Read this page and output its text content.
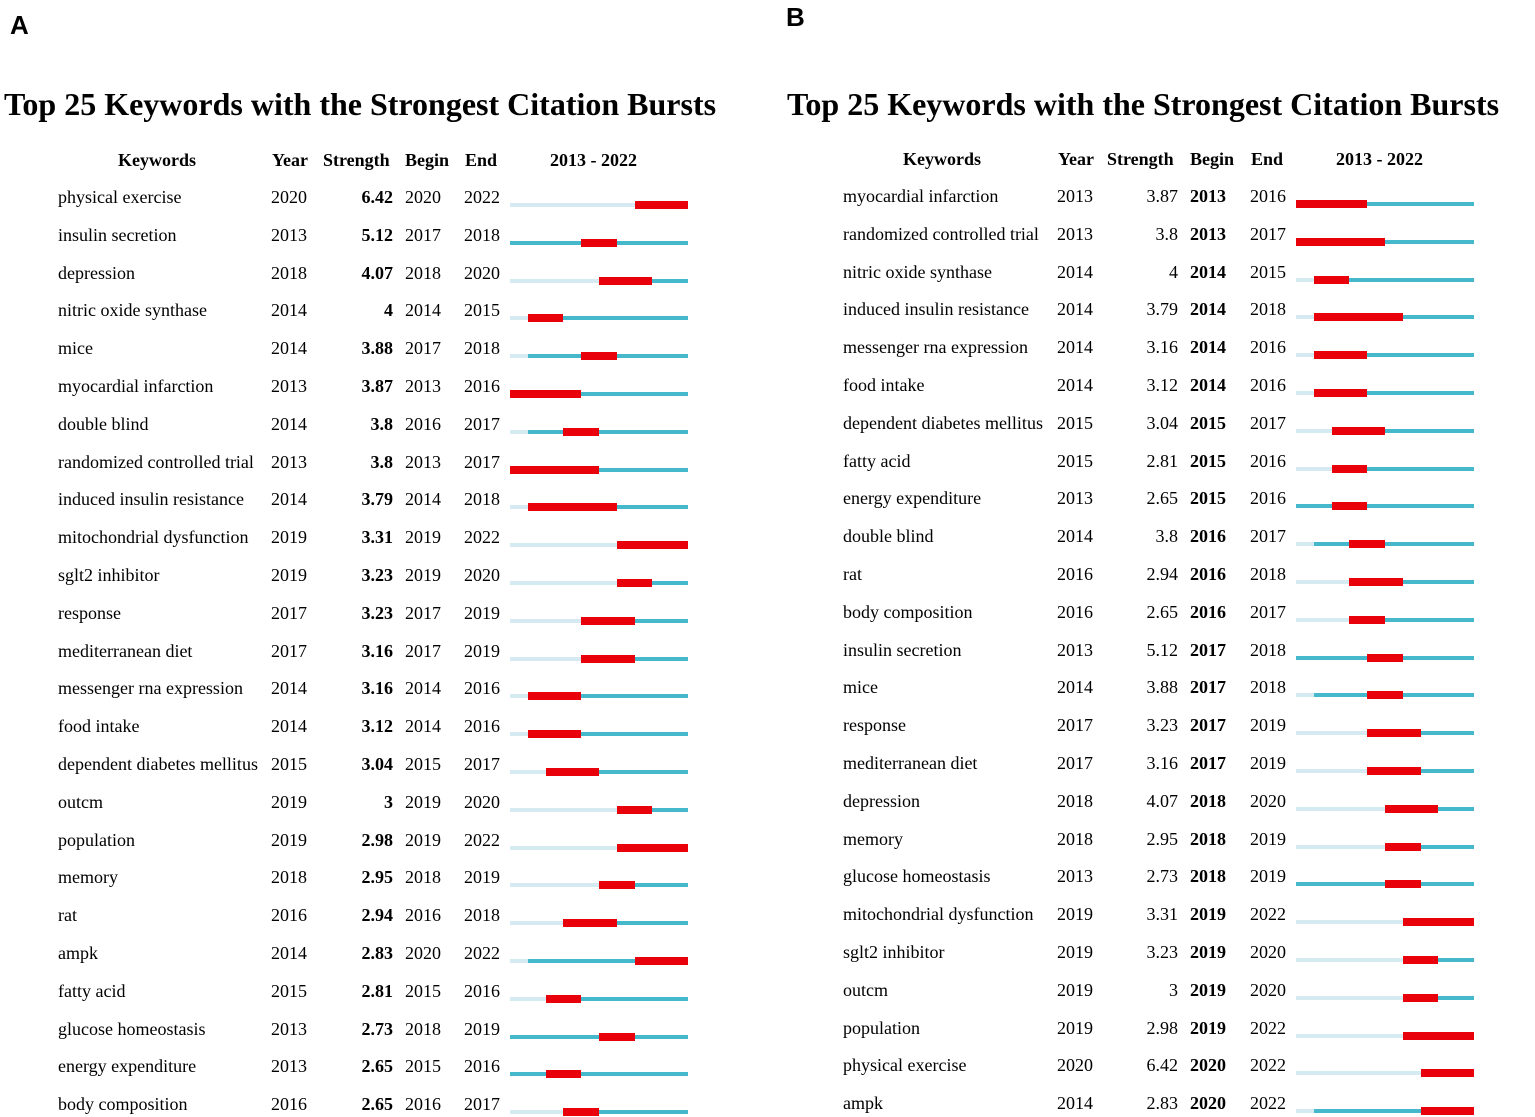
A
Top 25 Keywords with the Strongest Citation Bursts
Keywords	Year Strength Begin End	2013 - 2022
physical exercise	2020	6.42 2020 2022
insulin secretion	2013	5.12 2017 2018
depression	2018	4.07 2018 2020
nitric oxide synthase	2014	4 2014 2015
mice	2014	3.88 2017 2018
myocardial infarction	2013	3.87 2013 2016
double blind	2014	3.8 2016 2017
randomized controlled trial 2013	3.8 2013 2017
induced insulin resistance 2014	3.79 2014 2018
mitochondrial dysfunction 2019	3.31 2019 2022
sglt2 inhibitor	2019	3.23 2019 2020
response	2017	3.23 2017 2019
mediterranean diet	2017	3.16 2017 2019
messenger rna expression 2014	3.16 2014 2016
food intake	2014	3.12 2014 2016
dependent diabetes mellitus 2015	3.04 2015 2017
outcm	2019	3 2019 2020
population	2019	2.98 2019 2022
memory	2018	2.95 2018 2019
rat	2016	2.94 2016 2018
ampk	2014	2.83 2020 2022
fatty acid	2015	2.81 2015 2016
glucose homeostasis	2013	2.73 2018 2019
energy expenditure	2013	2.65 2015 2016
body composition	2016	2.65 2016 2017
B
Top 25 Keywords with the Strongest Citation Bursts
Keywords	Year Strength Begin End	2013 - 2022
myocardial infarction	2013	3.87 2013 2016
randomized controlled trial 2013	3.8 2013 2017
nitric oxide synthase	2014	4 2014 2015
induced insulin resistance 2014	3.79 2014 2018
messenger rna expression 2014	3.16 2014 2016
food intake	2014	3.12 2014 2016
dependent diabetes mellitus 2015	3.04 2015 2017
fatty acid	2015	2.81 2015 2016
energy expenditure	2013	2.65 2015 2016
double blind	2014	3.8 2016 2017
rat	2016	2.94 2016 2018
body composition	2016	2.65 2016 2017
insulin secretion	2013	5.12 2017 2018
mice	2014	3.88 2017 2018
response	2017	3.23 2017 2019
mediterranean diet	2017	3.16 2017 2019
depression	2018	4.07 2018 2020
memory	2018	2.95 2018 2019
glucose homeostasis	2013	2.73 2018 2019
mitochondrial dysfunction 2019	3.31 2019 2022
sglt2 inhibitor	2019	3.23 2019 2020
outcm	2019	3 2019 2020
population	2019	2.98 2019 2022
physical exercise	2020	6.42 2020 2022
ampk	2014	2.83 2020 2022
